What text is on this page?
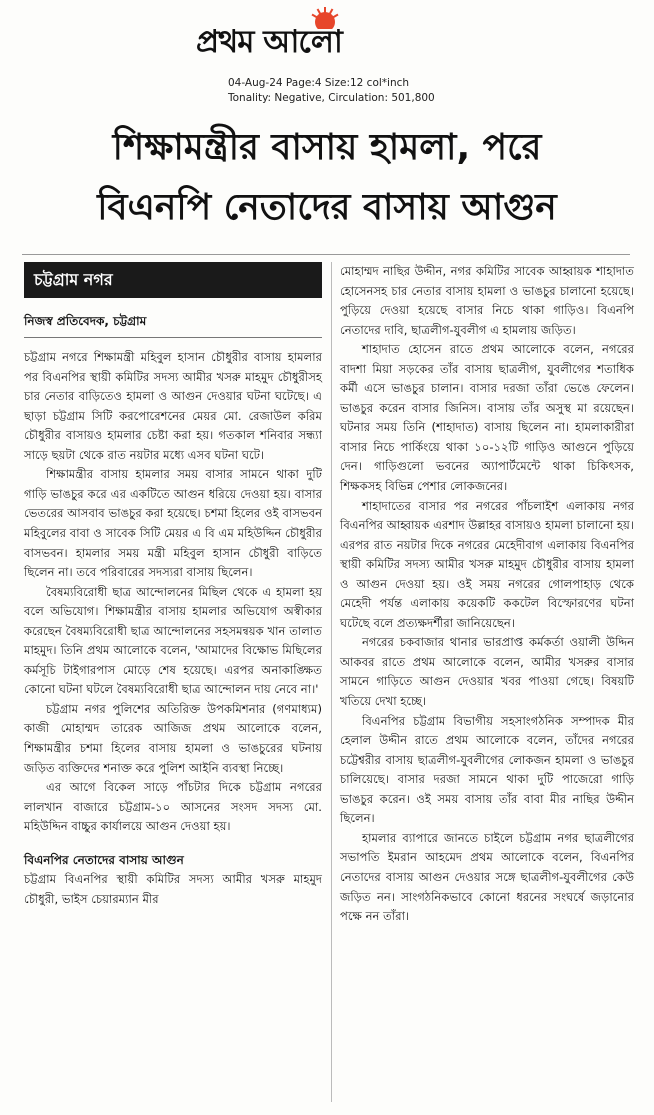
প্রথম আলো
04-Aug-24 Page:4 Size:12 col*inch
Tonality: Negative, Circulation: 501,800
শিক্ষামন্ত্রীর বাসায় হামলা, পরে
বিএনপি নেতাদের বাসায় আগুন
চট্টগ্রাম নগর
নিজস্ব প্রতিবেদক, চট্টগ্রাম

চট্টগ্রাম নগরে শিক্ষামন্ত্রী মহিবুল হাসান চৌধুরীর বাসায় হামলার পর বিএনপির স্থায়ী কমিটির সদস্য আমীর খসরু মাহমুদ চৌধুরীসহ চার নেতার বাড়িতেও হামলা ও আগুন দেওয়ার ঘটনা ঘটেছে। এ ছাড়া চট্টগ্রাম সিটি করপোরেশনের মেয়র মো. রেজাউল করিম চৌধুরীর বাসায়ও হামলার চেষ্টা করা হয়। গতকাল শনিবার সন্ধ্যা সাড়ে ছয়টা থেকে রাত নয়টার মধ্যে এসব ঘটনা ঘটে।

শিক্ষামন্ত্রীর বাসায় হামলার সময় বাসার সামনে থাকা দুটি গাড়ি ভাঙচুর করে এর একটিতে আগুন ধরিয়ে দেওয়া হয়। বাসার ভেতরের আসবাব ভাঙচুর করা হয়েছে। চশমা হিলের ওই বাসভবন মহিবুলের বাবা ও সাবেক সিটি মেয়র এ বি এম মহিউদ্দিন চৌধুরীর বাসভবন। হামলার সময় মন্ত্রী মহিবুল হাসান চৌধুরী বাড়িতে ছিলেন না। তবে পরিবারের সদস্যরা বাসায় ছিলেন।

বৈষম্যবিরোধী ছাত্র আন্দোলনের মিছিল থেকে এ হামলা হয় বলে অভিযোগ। শিক্ষামন্ত্রীর বাসায় হামলার অভিযোগ অস্বীকার করেছেন বৈষম্যবিরোধী ছাত্র আন্দোলনের সহসমন্বয়ক খান তালাত মাহমুদ। তিনি প্রথম আলোকে বলেন, 'আমাদের বিক্ষোভ মিছিলের কর্মসূচি টাইগারপাস মোড়ে শেষ হয়েছে। এরপর অনাকাঙ্ক্ষিত কোনো ঘটনা ঘটলে বৈষম্যবিরোধী ছাত্র আন্দোলন দায় নেবে না।'

চট্টগ্রাম নগর পুলিশের অতিরিক্ত উপকমিশনার (গণমাধ্যম) কাজী মোহাম্মদ তারেক আজিজ প্রথম আলোকে বলেন, শিক্ষামন্ত্রীর চশমা হিলের বাসায় হামলা ও ভাঙচুরের ঘটনায় জড়িত ব্যক্তিদের শনাক্ত করে পুলিশ আইনি ব্যবস্থা নিচ্ছে।

এর আগে বিকেল সাড়ে পাঁচটার দিকে চট্টগ্রাম নগরের লালখান বাজারে চট্টগ্রাম-১০ আসনের সংসদ সদস্য মো. মহিউদ্দিন বাচ্চুর কার্যালয়ে আগুন দেওয়া হয়।

বিএনপির নেতাদের বাসায় আগুন

চট্টগ্রাম বিএনপির স্থায়ী কমিটির সদস্য আমীর খসরু মাহমুদ চৌধুরী, ভাইস চেয়ারম্যান মীর

মোহাম্মদ নাছির উদ্দীন, নগর কমিটির সাবেক আহ্বায়ক শাহাদাত হোসেনসহ চার নেতার বাসায় হামলা ও ভাঙচুর চালানো হয়েছে। পুড়িয়ে দেওয়া হয়েছে বাসার নিচে থাকা গাড়িও। বিএনপি নেতাদের দাবি, ছাত্রলীগ-যুবলীগ এ হামলায় জড়িত।

শাহাদাত হোসেন রাতে প্রথম আলোকে বলেন, নগরের বাদশা মিয়া সড়কের তাঁর বাসায় ছাত্রলীগ, যুবলীগের শতাধিক কর্মী এসে ভাঙচুর চালান। বাসার দরজা তাঁরা ভেঙে ফেলেন। ভাঙচুর করেন বাসার জিনিস। বাসায় তাঁর অসুস্থ মা রয়েছেন। ঘটনার সময় তিনি (শাহাদাত) বাসায় ছিলেন না। হামলাকারীরা বাসার নিচে পার্কিংয়ে থাকা ১০-১২টি গাড়িও আগুনে পুড়িয়ে দেন। গাড়িগুলো ভবনের অ্যাপার্টমেন্টে থাকা চিকিৎসক, শিক্ষকসহ বিভিন্ন পেশার লোকজনের।

শাহাদাতের বাসার পর নগরের পাঁচলাইশ এলাকায় নগর বিএনপির আহ্বায়ক এরশাদ উল্লাহর বাসায়ও হামলা চালানো হয়। এরপর রাত নয়টার দিকে নগরের মেহেদীবাগ এলাকায় বিএনপির স্থায়ী কমিটির সদস্য আমীর খসরু মাহমুদ চৌধুরীর বাসায় হামলা ও আগুন দেওয়া হয়। ওই সময় নগরের গোলপাহাড় থেকে মেহেদী পর্যন্ত এলাকায় কয়েকটি ককটেল বিস্ফোরণের ঘটনা ঘটেছে বলে প্রত্যক্ষদর্শীরা জানিয়েছেন।

নগরের চকবাজার থানার ভারপ্রাপ্ত কর্মকর্তা ওয়ালী উদ্দিন আকবর রাতে প্রথম আলোকে বলেন, আমীর খসরুর বাসার সামনে গাড়িতে আগুন দেওয়ার খবর পাওয়া গেছে। বিষয়টি খতিয়ে দেখা হচ্ছে।

বিএনপির চট্টগ্রাম বিভাগীয় সহসাংগঠনিক সম্পাদক মীর হেলাল উদ্দীন রাতে প্রথম আলোকে বলেন, তাঁদের নগরের চট্টেশ্বরীর বাসায় ছাত্রলীগ-যুবলীগের লোকজন হামলা ও ভাঙচুর চালিয়েছে। বাসার দরজা সামনে থাকা দুটি পাজেরো গাড়ি ভাঙচুর করেন। ওই সময় বাসায় তাঁর বাবা মীর নাছির উদ্দীন ছিলেন।

হামলার ব্যাপারে জানতে চাইলে চট্টগ্রাম নগর ছাত্রলীগের সভাপতি ইমরান আহমেদ প্রথম আলোকে বলেন, বিএনপির নেতাদের বাসায় আগুন দেওয়ার সঙ্গে ছাত্রলীগ-যুবলীগের কেউ জড়িত নন। সাংগঠনিকভাবে কোনো ধরনের সংঘর্ষে জড়ানোর পক্ষে নন তাঁরা।
